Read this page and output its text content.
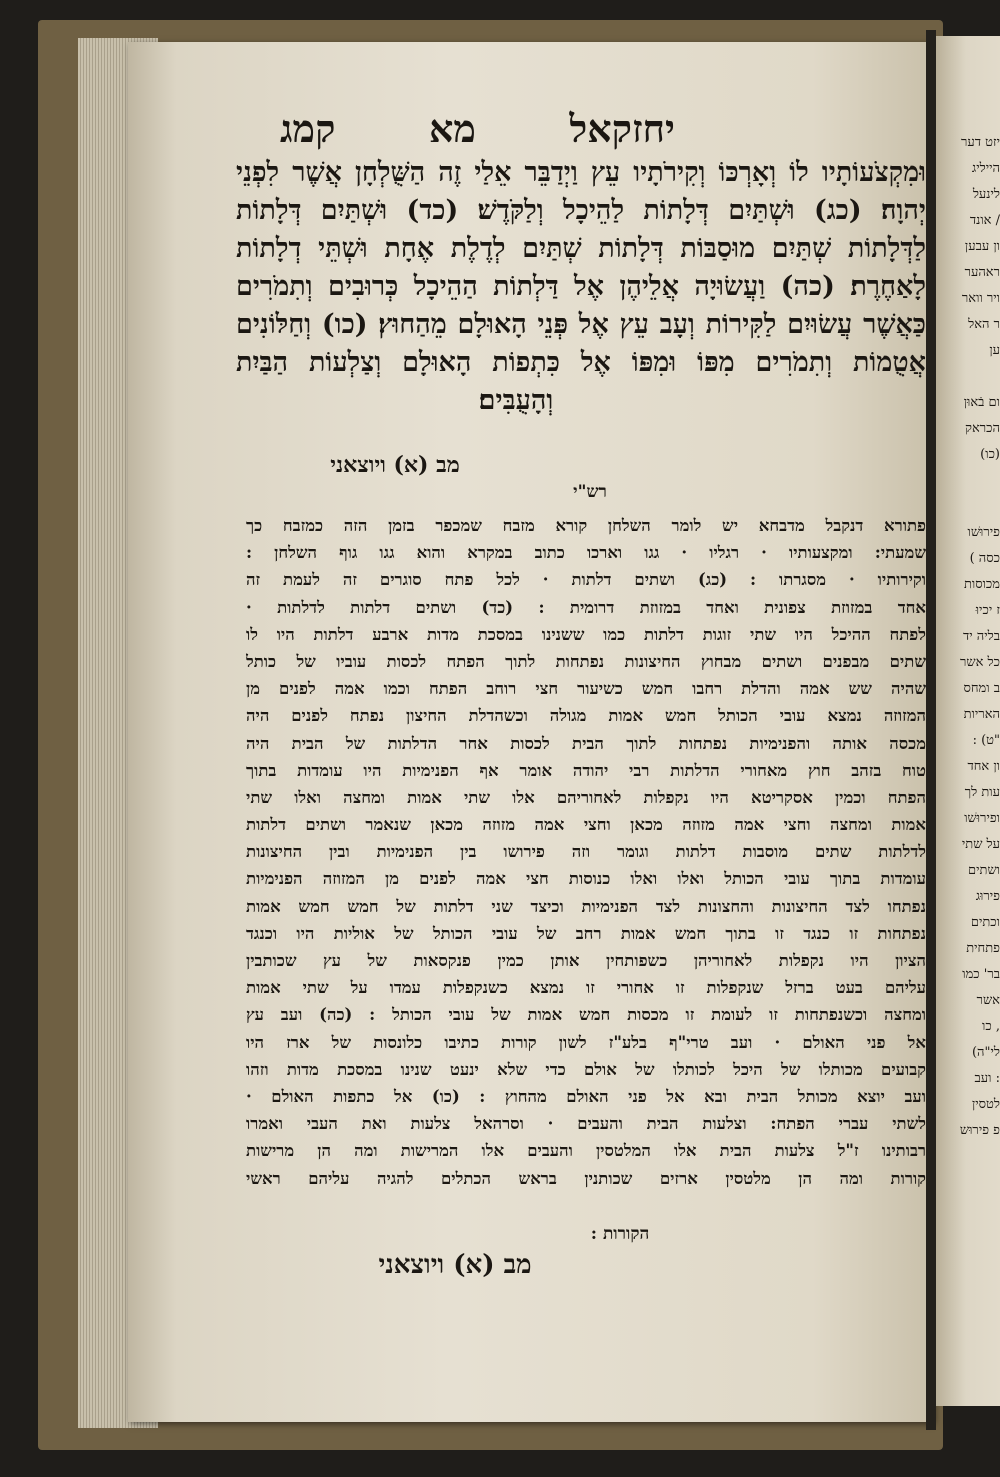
יחזקאל
מא
קמג
וּמִקְצֹעוֹתָיו לוֹ וְאָרְכּוֹ וְקִירֹתָיו עֵץ וַיְדַבֵּר אֵלַי זֶה הַשֻּׁלְחָן אֲשֶׁר לִפְנֵי
יְהוָה׃ (כג) וּשְׁתַּיִם דְּלָתוֹת לַהֵיכָל וְלַקֹּדֶשׁ׃ (כד) וּשְׁתַּיִם דְּלָתוֹת
לַדְּלָתוֹת שְׁתַּיִם מוּסַבּוֹת דְּלָתוֹת שְׁתַּיִם לְדֶלֶת אֶחָת וּשְׁתֵּי דְלָתוֹת
לָאַחֶרֶת׃ (כה) וַעֲשׂוּיָה אֲלֵיהֶן אֶל דַּלְתוֹת הַהֵיכָל כְּרוּבִים וְתִמֹרִים
כַּאֲשֶׁר עֲשׂוּיִם לַקִּירוֹת וְעָב עֵץ אֶל פְּנֵי הָאוּלָם מֵהַחוּץ׃ (כו) וְחַלּוֹנִים
אֲטֻמוֹת וְתִמֹרִים מִפּוֹ וּמִפּוֹ אֶל כִּתְפוֹת הָאוּלָם וְצַלְעוֹת הַבַּיִת
וְהָעֻבִּים׃
מב (א) ויוצאני
רש"י
פתורא דנקבל מדבחא יש לומר השלחן קורא מזבח שמכפר בזמן הזה כמזבח כך
שמעתי: ומקצעותיו · רגליו · גגו וארכו כתוב במקרא והוא גגו גוף השלחן :
וקירותיו · מסגרתו : (כג) ושתים דלתות · לכל פתח סוגרים זה לעמת זה
אחד במזוזת צפונית ואחד במזוזת דרומית : (כד) ושתים דלתות לדלתות ·
לפתח ההיכל היו שתי זוגות דלתות כמו ששנינו במסכת מדות ארבע דלתות היו לו
שתים מבפנים ושתים מבחוץ החיצונות נפתחות לתוך הפתח לכסות עוביו של כותל
שהיה שש אמה והדלת רחבו חמש כשיעור חצי רוחב הפתח וכמו אמה לפנים מן
המזוזה נמצא עובי הכותל חמש אמות מגולה וכשהדלת החיצון נפתח לפנים היה
מכסה אותה והפנימיות נפתחות לתוך הבית לכסות אחר הדלתות של הבית היה
טוח בזהב חוץ מאחורי הדלתות רבי יהודה אומר אף הפנימיות היו עומדות בתוך
הפתח וכמין אסקריטא היו נקפלות לאחוריהם אלו שתי אמות ומחצה ואלו שתי
אמות ומחצה וחצי אמה מזוזה מכאן וחצי אמה מזוזה מכאן שנאמר ושתים דלתות
לדלתות שתים מוסבות דלתות וגומר וזה פירושו בין הפנימיות ובין החיצונות
עומדות בתוך עובי הכותל ואלו ואלו כנוסות חצי אמה לפנים מן המזוזה הפנימיות
נפתחו לצד החיצונות והחצונות לצד הפנימיות וכיצד שני דלתות של חמש חמש אמות
נפתחות זו כנגד זו בתוך חמש אמות רחב של עובי הכותל של אוליות היו וכנגד
הציון היו נקפלות לאחוריהן כשפותחין אותן כמין פנקסאות של עץ שכותבין
עליהם בעט ברזל שנקפלות זו אחורי זו נמצא כשנקפלות עמדו על שתי אמות
ומחצה וכשנפתחות זו לעומת זו מכסות חמש אמות של עובי הכותל : (כה) ועב עץ
אל פני האולם · ועב טרי"ף בלע"ז לשון קורות כתיבו כלונסות של ארז היו
קבועים מכותלו של היכל לכותלו של אולם כדי שלא ינעט שנינו במסכת מדות וזהו
ועב יוצא מכותל הבית ובא אל פני האולם מהחוץ : (כו) אל כתפות האולם ·
לשתי עברי הפתח: וצלעות הבית והעבים · וסרהאל צלעות ואת העבי ואמרו
רבותינו ז"ל צלעות הבית אלו המלטסין והעבים אלו המרישות ומה הן מרישות
קורות ומה הן מלטסין ארזים שכותנין בראש הכתלים להגיה עליהם ראשי
הקורות :
מב (א) ויוצאני
יזט דער
הייליג
לינעל
/ אונד
ון עבען
ראהער
ויר וואר
ר האל
ען
ום בֿאוּן
הכראק
(כו)
פירוּשׁו
כסה )
מכוסות
ז יכיוּ
בליה יד
כל אשר
ב ומחס
האריות
"ט) :
ון אחד
עות לך
ופירוּשׁו
על שתי
ושתים
פירוּג
וכתים
פתחית
בר' כמו
אשר
, כו
לי"ה)
: ועב
לטסין
פ פירוּש
